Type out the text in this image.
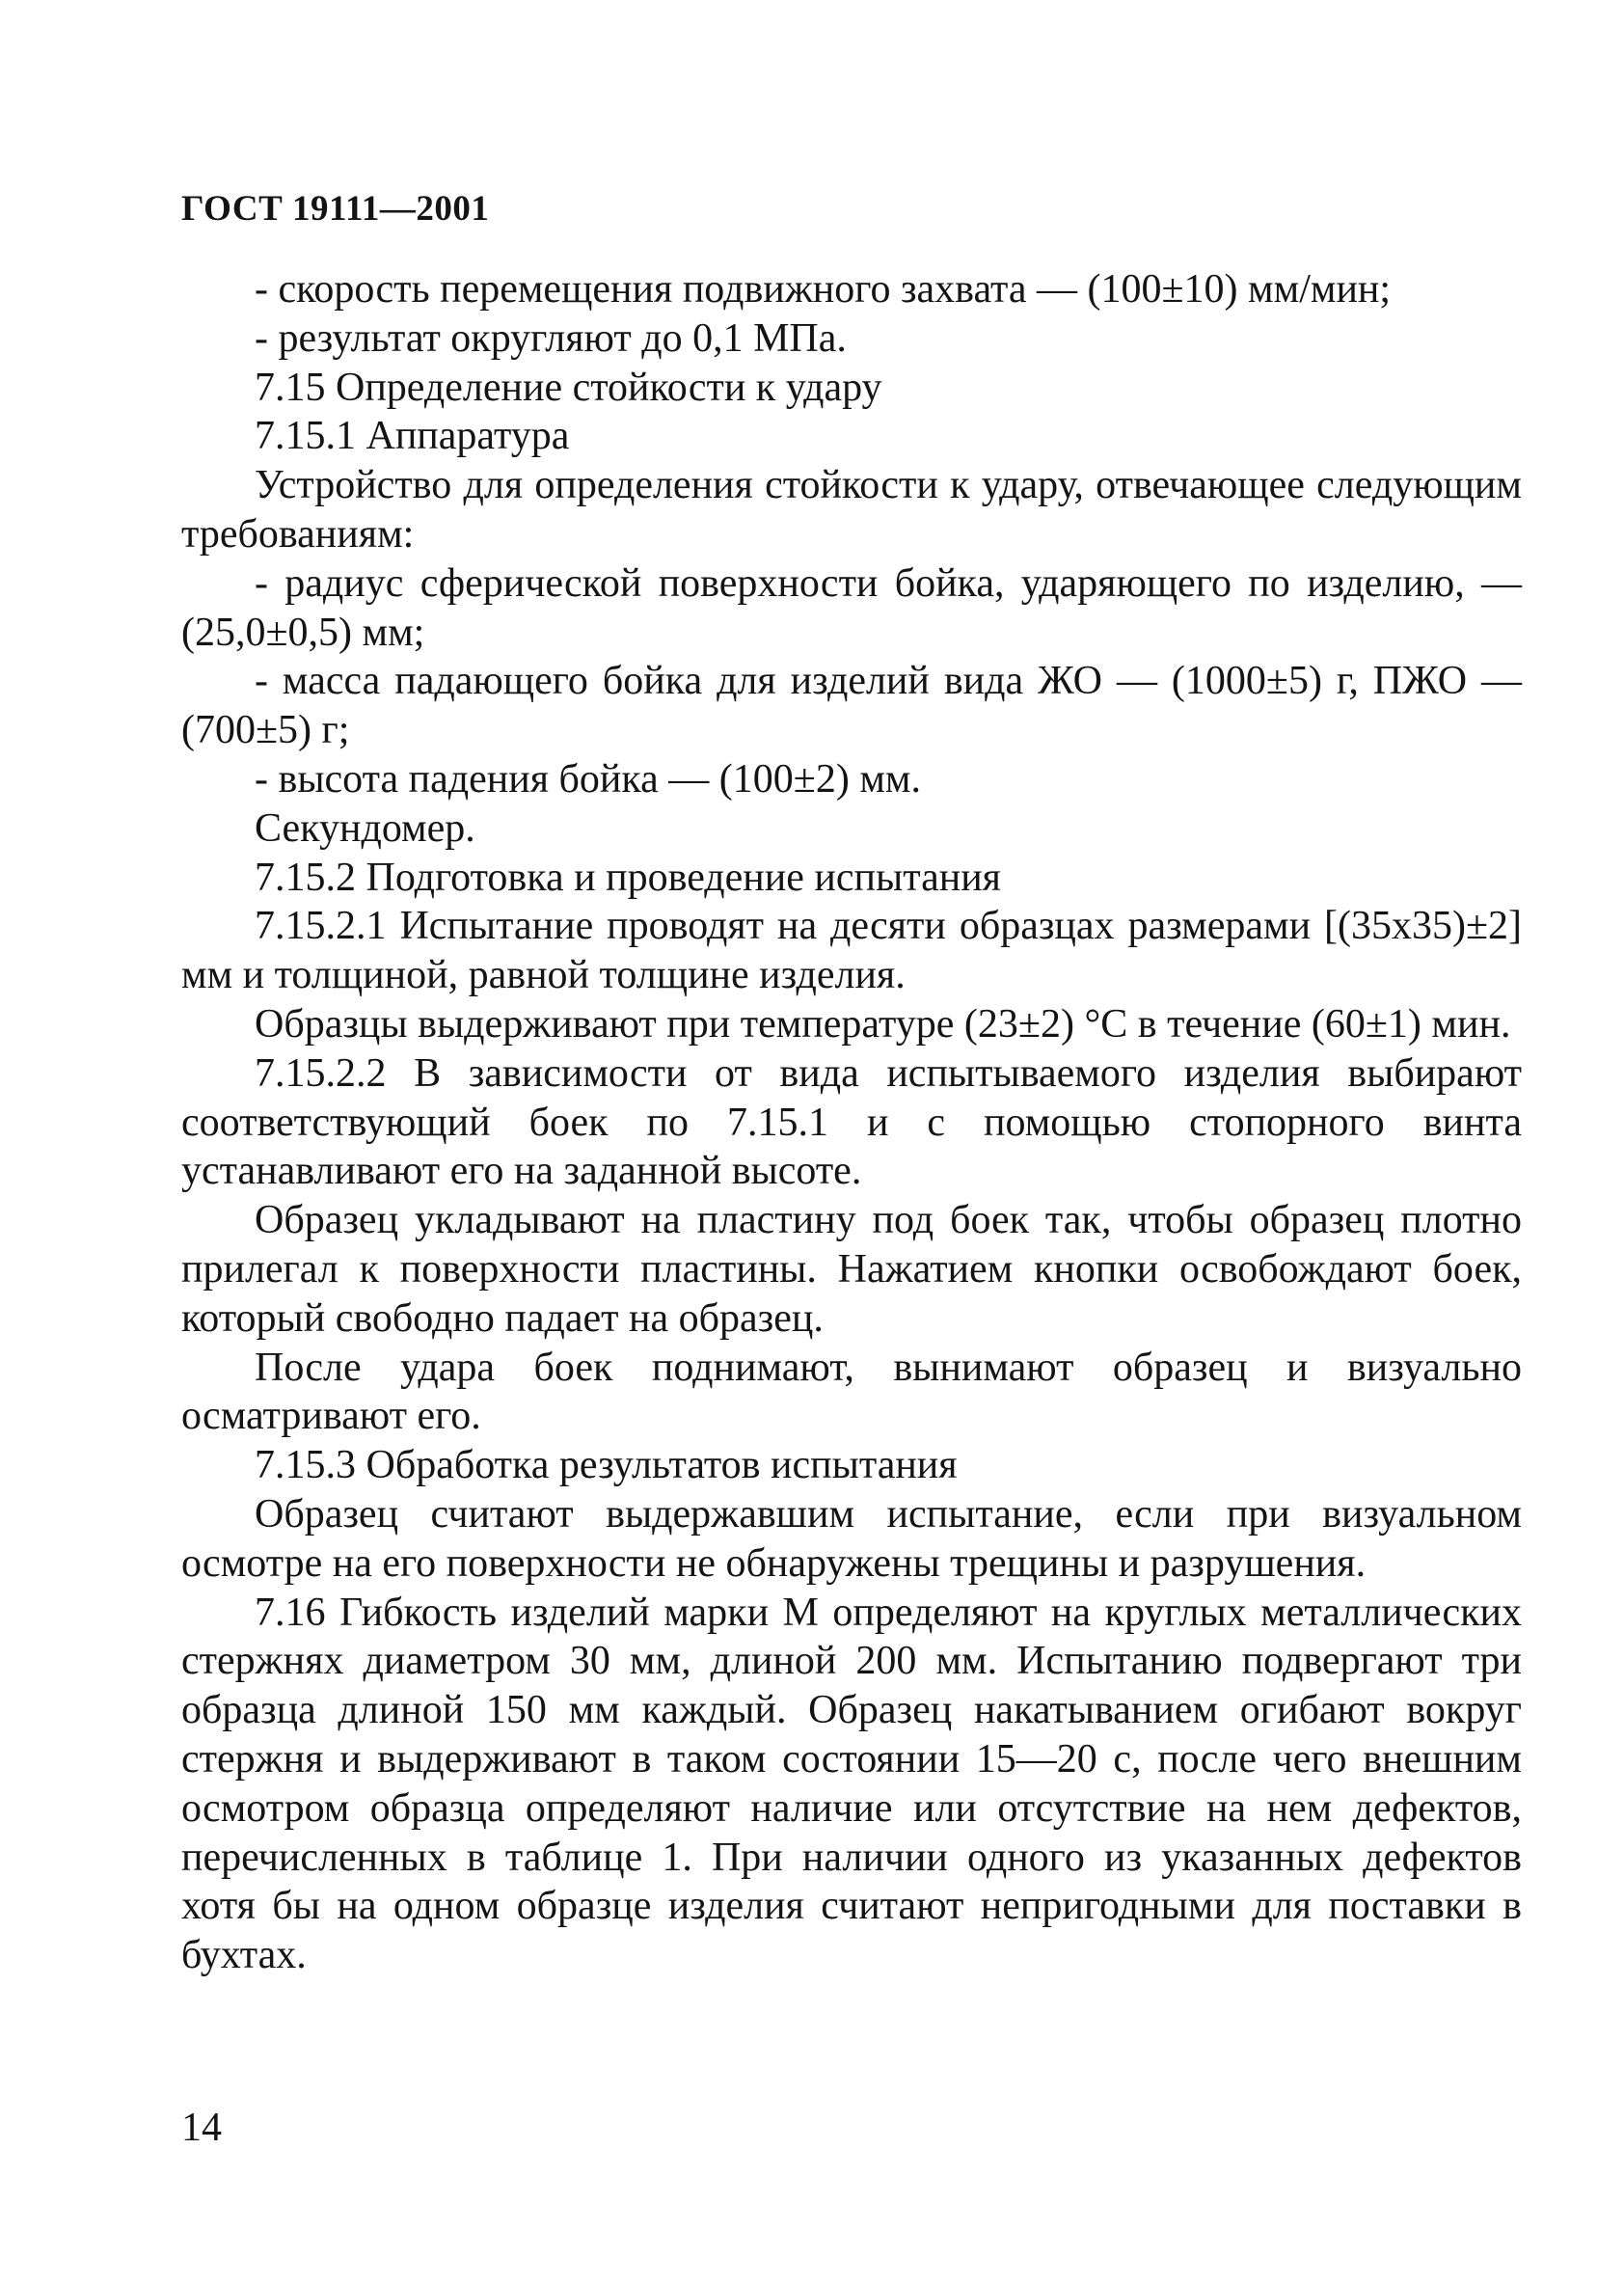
ГОСТ 19111—2001

- скорость перемещения подвижного захвата — (100±10) мм/мин;

- результат округляют до 0,1 МПа.

7.15 Определение стойкости к удару

7.15.1 Аппаратура

Устройство для определения стойкости к удару, отвечающее следующим требованиям:

- радиус сферической поверхности бойка, ударяющего по изделию, — (25,0±0,5) мм;

- масса падающего бойка для изделий вида ЖО — (1000±5) г, ПЖО — (700±5) г;

- высота падения бойка — (100±2) мм.

Секундомер.

7.15.2 Подготовка и проведение испытания

7.15.2.1 Испытание проводят на десяти образцах размерами [(35x35)±2] мм и толщиной, равной толщине изделия.

Образцы выдерживают при температуре (23±2) °С в течение (60±1) мин.

7.15.2.2 В зависимости от вида испытываемого изделия выбирают соответствующий боек по 7.15.1 и с помощью стопорного винта устанавливают его на заданной высоте.

Образец укладывают на пластину под боек так, чтобы образец плотно прилегал к поверхности пластины. Нажатием кнопки освобождают боек, который свободно падает на образец.

После удара боек поднимают, вынимают образец и визуально осматривают его.

7.15.3 Обработка результатов испытания

Образец считают выдержавшим испытание, если при визуальном осмотре на его поверхности не обнаружены трещины и разрушения.

7.16 Гибкость изделий марки М определяют на круглых металлических стержнях диаметром 30 мм, длиной 200 мм. Испытанию подвергают три образца длиной 150 мм каждый. Образец накатыванием огибают вокруг стержня и выдерживают в таком состоянии 15—20 с, после чего внешним осмотром образца определяют наличие или отсутствие на нем дефектов, перечисленных в таблице 1. При наличии одного из указанных дефектов хотя бы на одном образце изделия считают непригодными для поставки в бухтах.

14
